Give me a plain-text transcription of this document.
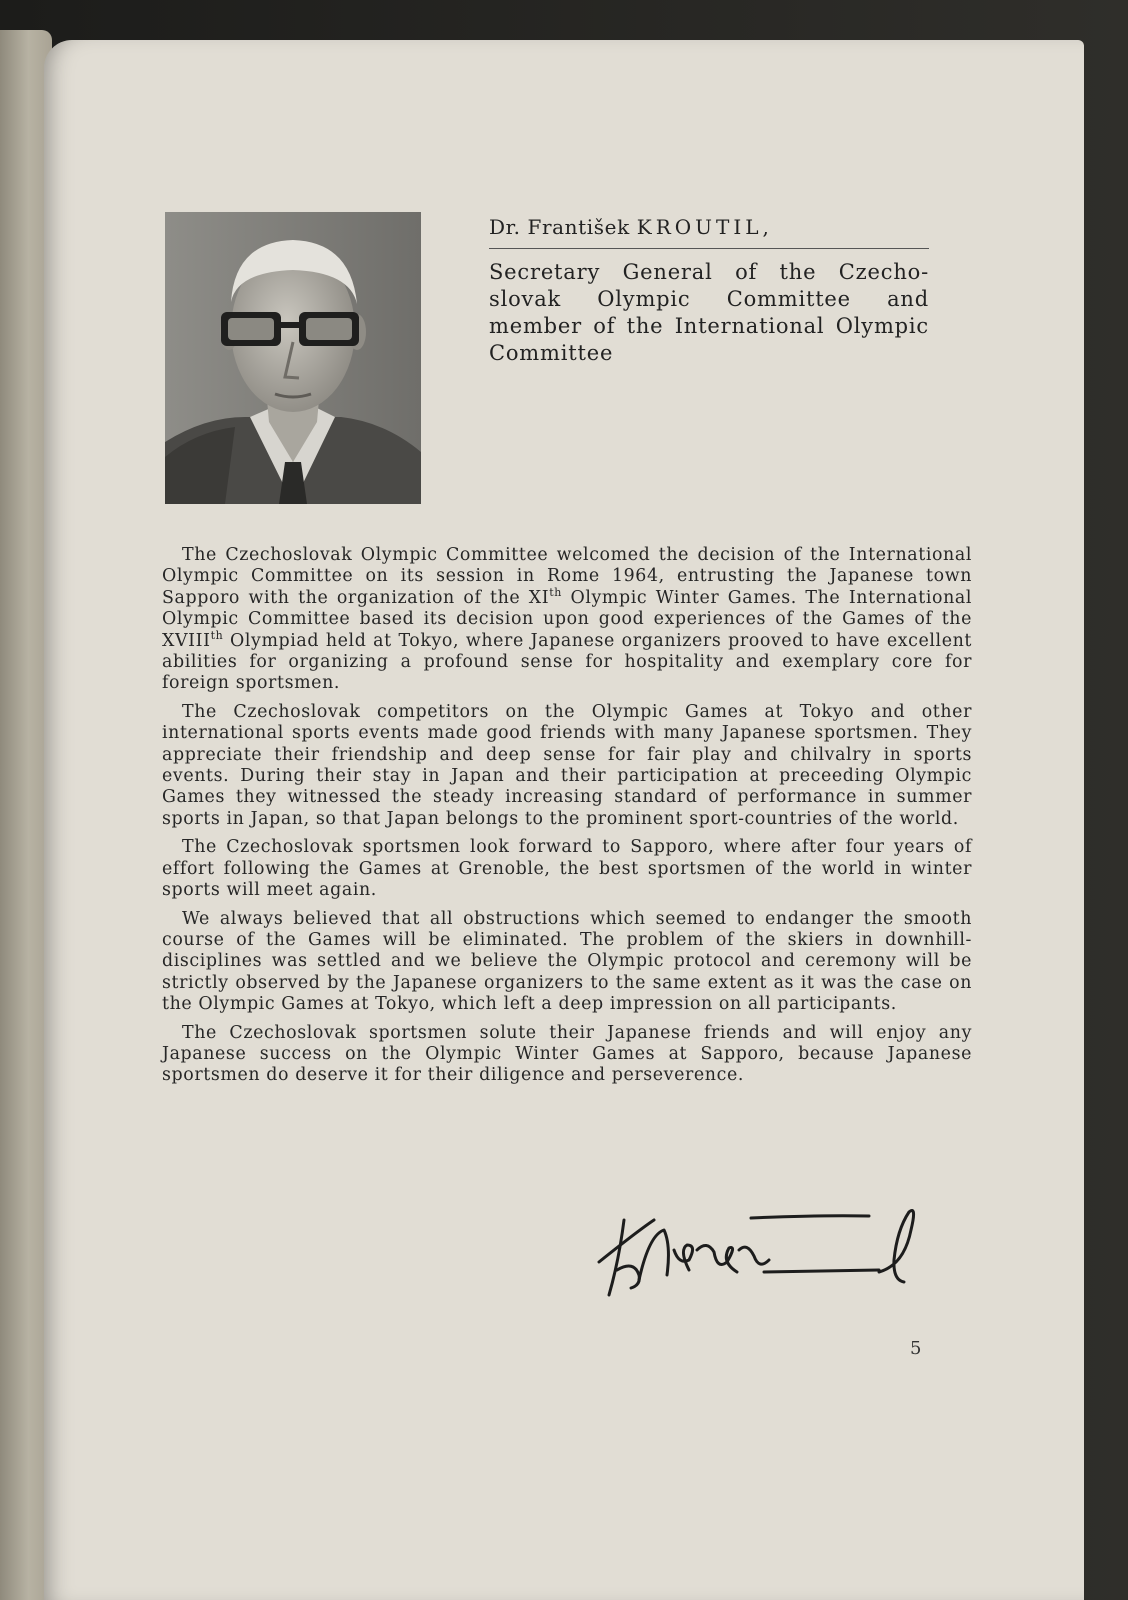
Dr. František KROUTIL,
Secretary General of the Czecho-slovak Olympic Committee and member of the International Olympic Committee

The Czechoslovak Olympic Committee welcomed the decision of the International Olympic Committee on its session in Rome 1964, entrusting the Japanese town Sapporo with the organization of the XIth Olympic Winter Games. The International Olympic Committee based its decision upon good experiences of the Games of the XVIIIth Olympiad held at Tokyo, where Japanese organizers prooved to have excellent abilities for organizing a profound sense for hospitality and exemplary core for foreign sportsmen.

The Czechoslovak competitors on the Olympic Games at Tokyo and other international sports events made good friends with many Japanese sportsmen. They appreciate their friendship and deep sense for fair play and chilvalry in sports events. During their stay in Japan and their participation at preceeding Olympic Games they witnessed the steady increasing standard of performance in summer sports in Japan, so that Japan belongs to the prominent sport-countries of the world.

The Czechoslovak sportsmen look forward to Sapporo, where after four years of effort following the Games at Grenoble, the best sportsmen of the world in winter sports will meet again.

We always believed that all obstructions which seemed to endanger the smooth course of the Games will be eliminated. The problem of the skiers in downhill-disciplines was settled and we believe the Olympic protocol and ceremony will be strictly observed by the Japanese organizers to the same extent as it was the case on the Olympic Games at Tokyo, which left a deep impression on all participants.

The Czechoslovak sportsmen solute their Japanese friends and will enjoy any Japanese success on the Olympic Winter Games at Sapporo, because Japanese sportsmen do deserve it for their diligence and perseverence.

5
